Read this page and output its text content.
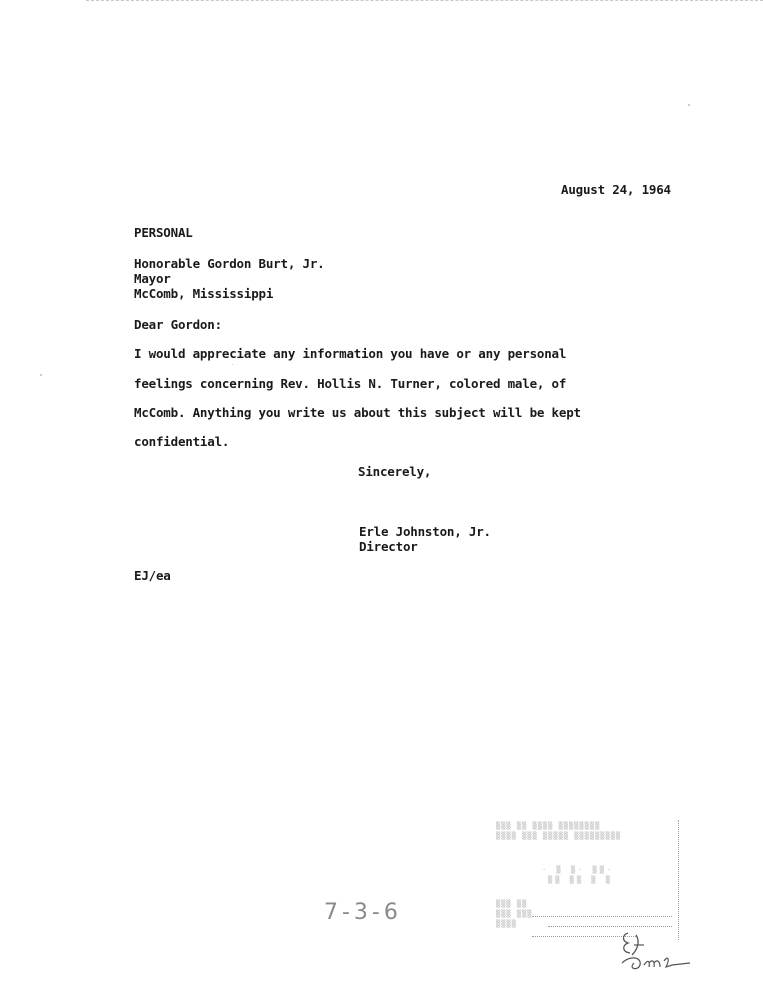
August 24, 1964
PERSONAL
Honorable Gordon Burt, Jr.
Mayor
McComb, Mississippi
Dear Gordon:
I would appreciate any information you have or any personal
feelings concerning Rev. Hollis N. Turner, colored male, of
McComb. Anything you write us about this subject will be kept
confidential.
Sincerely,
Erle Johnston, Jr.
Director
EJ/ea
▒▒▒ ▒▒ ▒▒▒▒ ▒▒▒▒▒▒▒▒
▒▒▒▒ ▒▒▒ ▒▒▒▒▒ ▒▒▒▒▒▒▒▒▒
· ▒ ▒· ▒▒·
▒▒ ▒▒ ▒ ▒
▒▒▒ ▒▒
▒▒▒ ▒▒▒
▒▒▒▒
7-3-6
